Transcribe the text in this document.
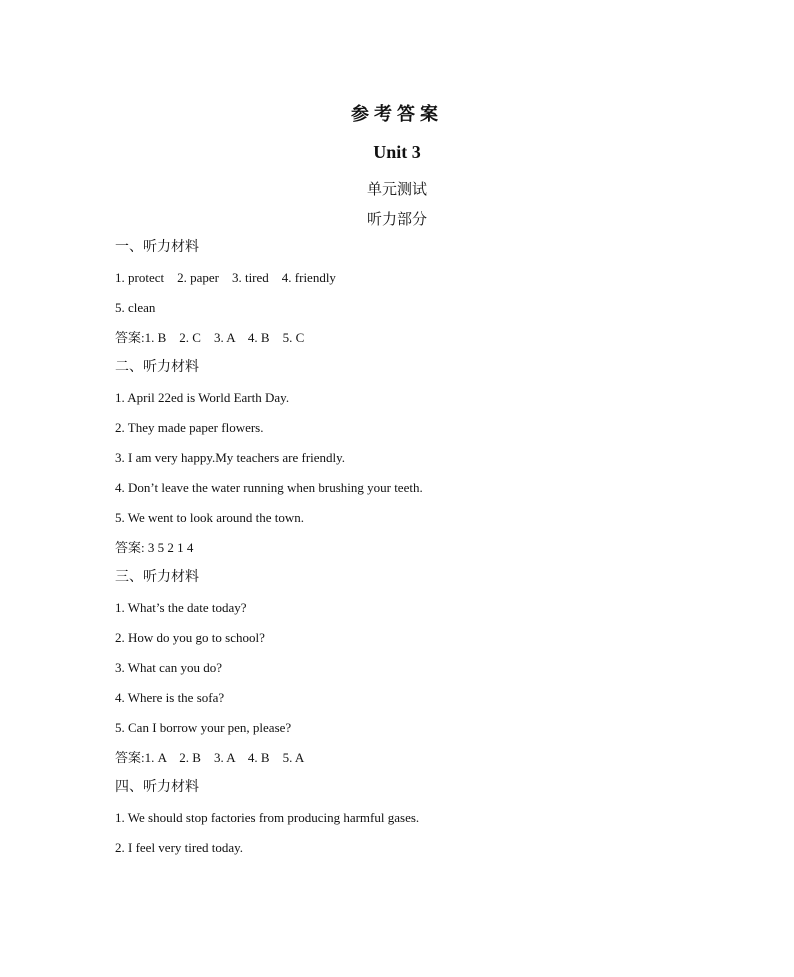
参考答案
Unit 3
单元测试
听力部分
一、听力材料
1. protect    2. paper    3. tired    4. friendly
5. clean
答案:1. B    2. C    3. A    4. B    5. C
二、听力材料
1. April 22ed is World Earth Day.
2. They made paper flowers.
3. I am very happy.My teachers are friendly.
4. Don’t leave the water running when brushing your teeth.
5. We went to look around the town.
答案: 3 5 2 1 4
三、听力材料
1. What’s the date today?
2. How do you go to school?
3. What can you do?
4. Where is the sofa?
5. Can I borrow your pen, please?
答案:1. A    2. B    3. A    4. B    5. A
四、听力材料
1. We should stop factories from producing harmful gases.
2. I feel very tired today.
